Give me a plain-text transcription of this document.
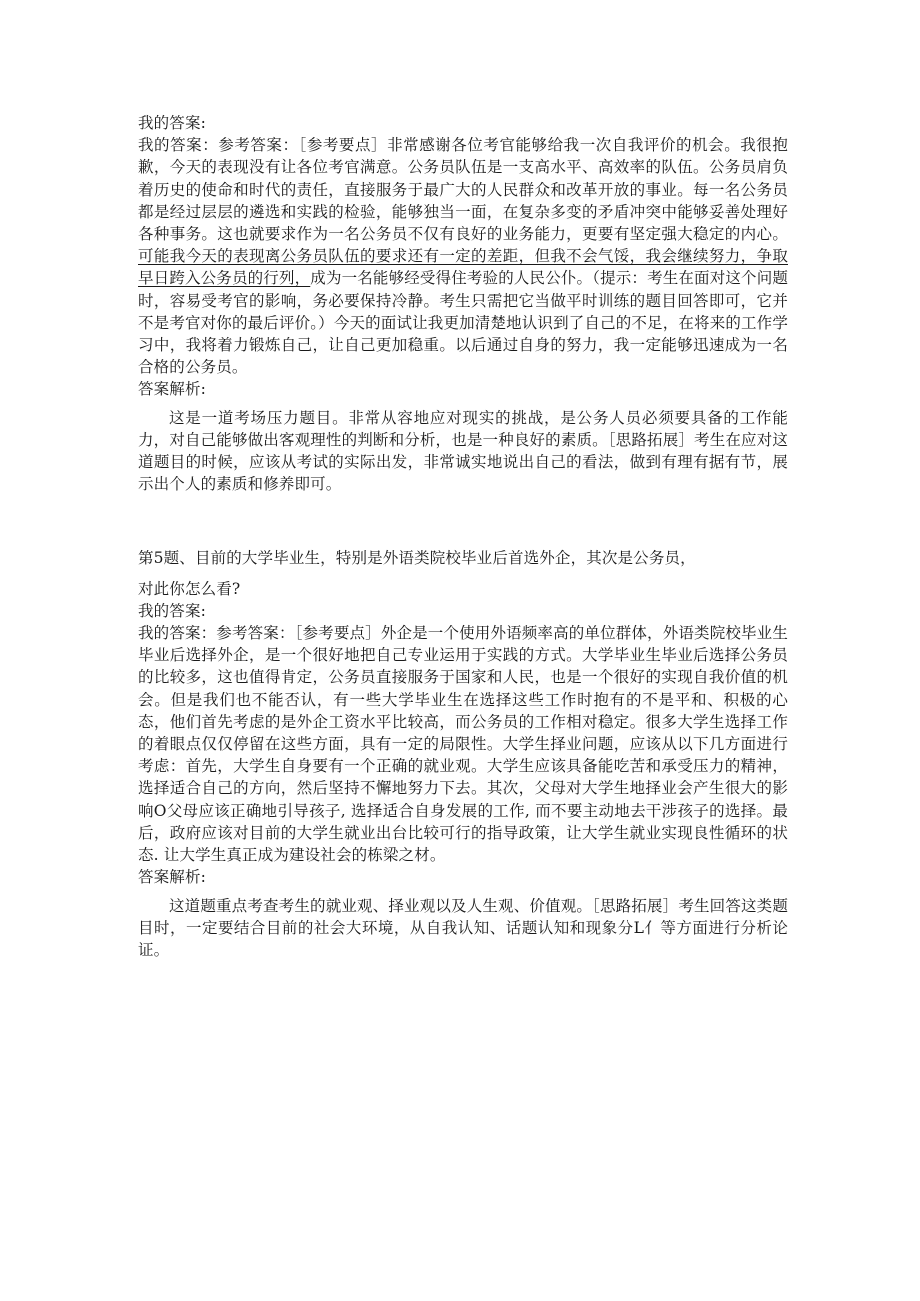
我的答案:
我的答案：参考答案：［参考要点］非常感谢各位考官能够给我一次自我评价的机会。我很抱歉，今天的表现没有让各位考官满意。公务员队伍是一支高水平、高效率的队伍。公务员肩负着历史的使命和时代的责任，直接服务于最广大的人民群众和改革开放的事业。每一名公务员都是经过层层的遴选和实践的检验，能够独当一面，在复杂多变的矛盾冲突中能够妥善处理好各种事务。这也就要求作为一名公务员不仅有良好的业务能力，更要有坚定强大稳定的内心。可能我今天的表现离公务员队伍的要求还有一定的差距，但我不会气馁，我会继续努力，争取早日跨入公务员的行列，成为一名能够经受得住考验的人民公仆。（提示：考生在面对这个问题时，容易受考官的影响，务必要保持冷静。考生只需把它当做平时训练的题目回答即可，它并不是考官对你的最后评价。）今天的面试让我更加清楚地认识到了自己的不足，在将来的工作学习中，我将着力锻炼自己，让自己更加稳重。以后通过自身的努力，我一定能够迅速成为一名合格的公务员。
答案解析:
这是一道考场压力题目。非常从容地应对现实的挑战，是公务人员必须要具备的工作能力，对自己能够做出客观理性的判断和分析，也是一种良好的素质。［思路拓展］考生在应对这道题目的时候，应该从考试的实际出发，非常诚实地说出自己的看法，做到有理有据有节，展示出个人的素质和修养即可。
第5题、目前的大学毕业生，特别是外语类院校毕业后首选外企，其次是公务员，
对此你怎么看?
我的答案:
我的答案：参考答案：［参考要点］外企是一个使用外语频率高的单位群体，外语类院校毕业生毕业后选择外企，是一个很好地把自己专业运用于实践的方式。大学毕业生毕业后选择公务员的比较多，这也值得肯定，公务员直接服务于国家和人民，也是一个很好的实现自我价值的机会。但是我们也不能否认，有一些大学毕业生在选择这些工作时抱有的不是平和、积极的心态，他们首先考虑的是外企工资水平比较高，而公务员的工作相对稳定。很多大学生选择工作的着眼点仅仅停留在这些方面，具有一定的局限性。大学生择业问题，应该从以下几方面进行考虑：首先，大学生自身要有一个正确的就业观。大学生应该具备能吃苦和承受压力的精神，选择适合自己的方向，然后坚持不懈地努力下去。其次，父母对大学生地择业会产生很大的影响O父母应该正确地引导孩子, 选择适合自身发展的工作, 而不要主动地去干涉孩子的选择。最后，政府应该对目前的大学生就业出台比较可行的指导政策，让大学生就业实现良性循环的状态. 让大学生真正成为建设社会的栋梁之材。
答案解析:
这道题重点考查考生的就业观、择业观以及人生观、价值观。［思路拓展］考生回答这类题目时，一定要结合目前的社会大环境，从自我认知、话题认知和现象分L亻等方面进行分析论证。
